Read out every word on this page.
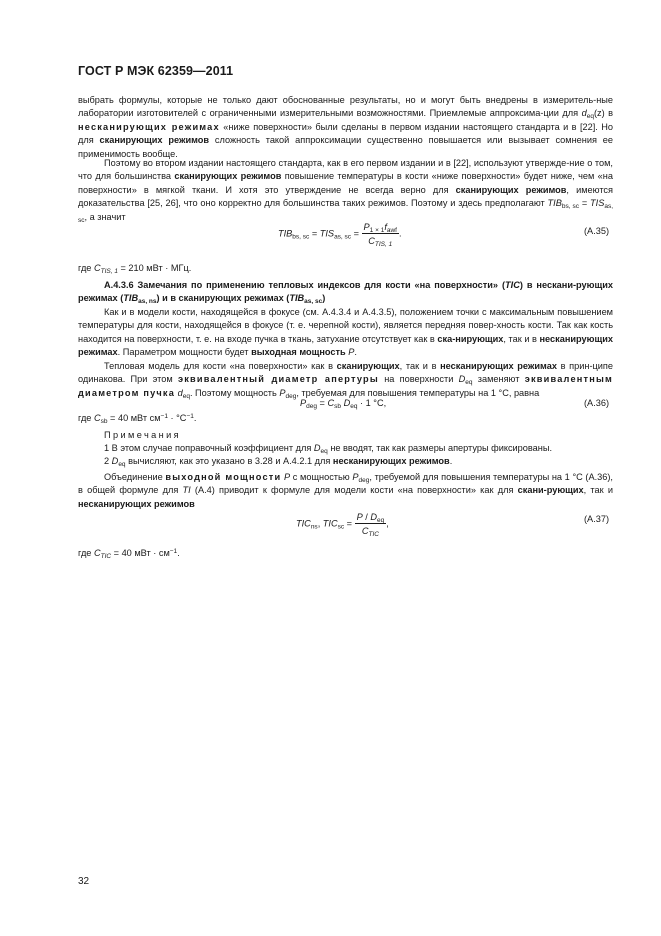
ГОСТ Р МЭК 62359—2011

выбрать формулы, которые не только дают обоснованные результаты, но и могут быть внедрены в измеритель-ные лаборатории изготовителей с ограниченными измерительными возможностями. Приемлемые аппроксима-ции для $d_{eq}(z)$ в несканирующих режимах «ниже поверхности» были сделаны в первом издании настоящего стандарта и в [22]. Но для сканирующих режимов сложность такой аппроксимации существенно повышается или вызывает сомнения ее применимость вообще.

Поэтому во втором издании настоящего стандарта, как в его первом издании и в [22], используют утвержде-ние о том, что для большинства сканирующих режимов повышение температуры в кости «ниже поверхности» будет ниже, чем «на поверхности» в мягкой ткани. И хотя это утверждение не всегда верно для сканирующих режимов, имеются доказательства [25, 26], что оно корректно для большинства таких режимов. Поэтому и здесь предполагают $TIB_{bs, sc} = TIS_{as, sc}$, а значит

$TIB_{bs, sc} = TIS_{as, sc} = \frac{P_{1 \times 1}f_{awf}}{C_{TIS, 1}}$ .	(A.35)

где $C_{TIS, 1} = 210$ мВт · МГц.

А.4.3.6 Замечания по применению тепловых индексов для кости «на поверхности» (TIC) в нескани-рующих режимах $(TIB_{as, ns})$ и в сканирующих режимах $(TIB_{as, sc})$

Как и в модели кости, находящейся в фокусе (см. А.4.3.4 и А.4.3.5), положением точки с максимальным повышением температуры для кости, находящейся в фокусе (т. е. черепной кости), является передняя повер-хность кости. Так как кость находится на поверхности, т. е. на входе пучка в ткань, затухание отсутствует как в ска-нирующих, так и в несканирующих режимах. Параметром мощности будет выходная мощность P.

Тепловая модель для кости «на поверхности» как в сканирующих, так и в несканирующих режимах в прин-ципе одинакова. При этом эквивалентный диаметр апертуры на поверхности $D_{eq}$ заменяют эквивалентным диаметром пучка $d_{eq}$. Поэтому мощность $P_{deg}$, требуемая для повышения температуры на 1 °С, равна

$P_{deg} = C_{sb}$ $D_{eq} \cdot 1$ °С,	(A.36)

где $C_{sb} = 40$ мВт $см^{-1} \cdot ^\circ С^{-1}$.

Примечания

1 В этом случае поправочный коэффициент для $D_{eq}$ не вводят, так как размеры апертуры фиксированы.

2 $D_{eq}$ вычисляют, как это указано в 3.28 и А.4.2.1 для несканирующих режимов.

Объединение выходной мощности P с мощностью $P_{deg}$, требуемой для повышения температуры на 1 °С (А.36), в общей формуле для TI (А.4) приводит к формуле для модели кости «на поверхности» как для скани-рующих, так и несканирующих режимов

$TIC_{ns}$, $TIC_{sc} = \frac{P / D_{eq}}{C_{TIC}}$ ,	(A.37)

где $C_{TIC} = 40$ мВт · $см^{-1}$.

32
